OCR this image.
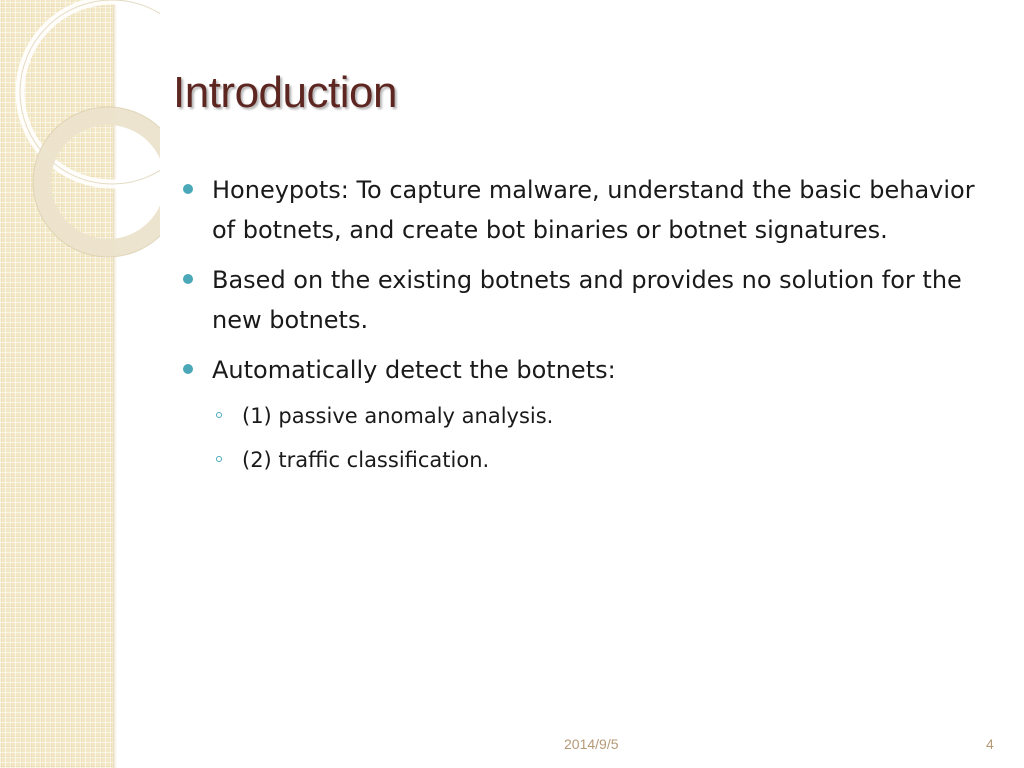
Introduction
Honeypots: To capture malware, understand the basic behavior of botnets, and create bot binaries or botnet signatures.
Based on the existing botnets and provides no solution for the new botnets.
Automatically detect the botnets:
(1) passive anomaly analysis.
(2) traffic classification.
2014/9/5	4
